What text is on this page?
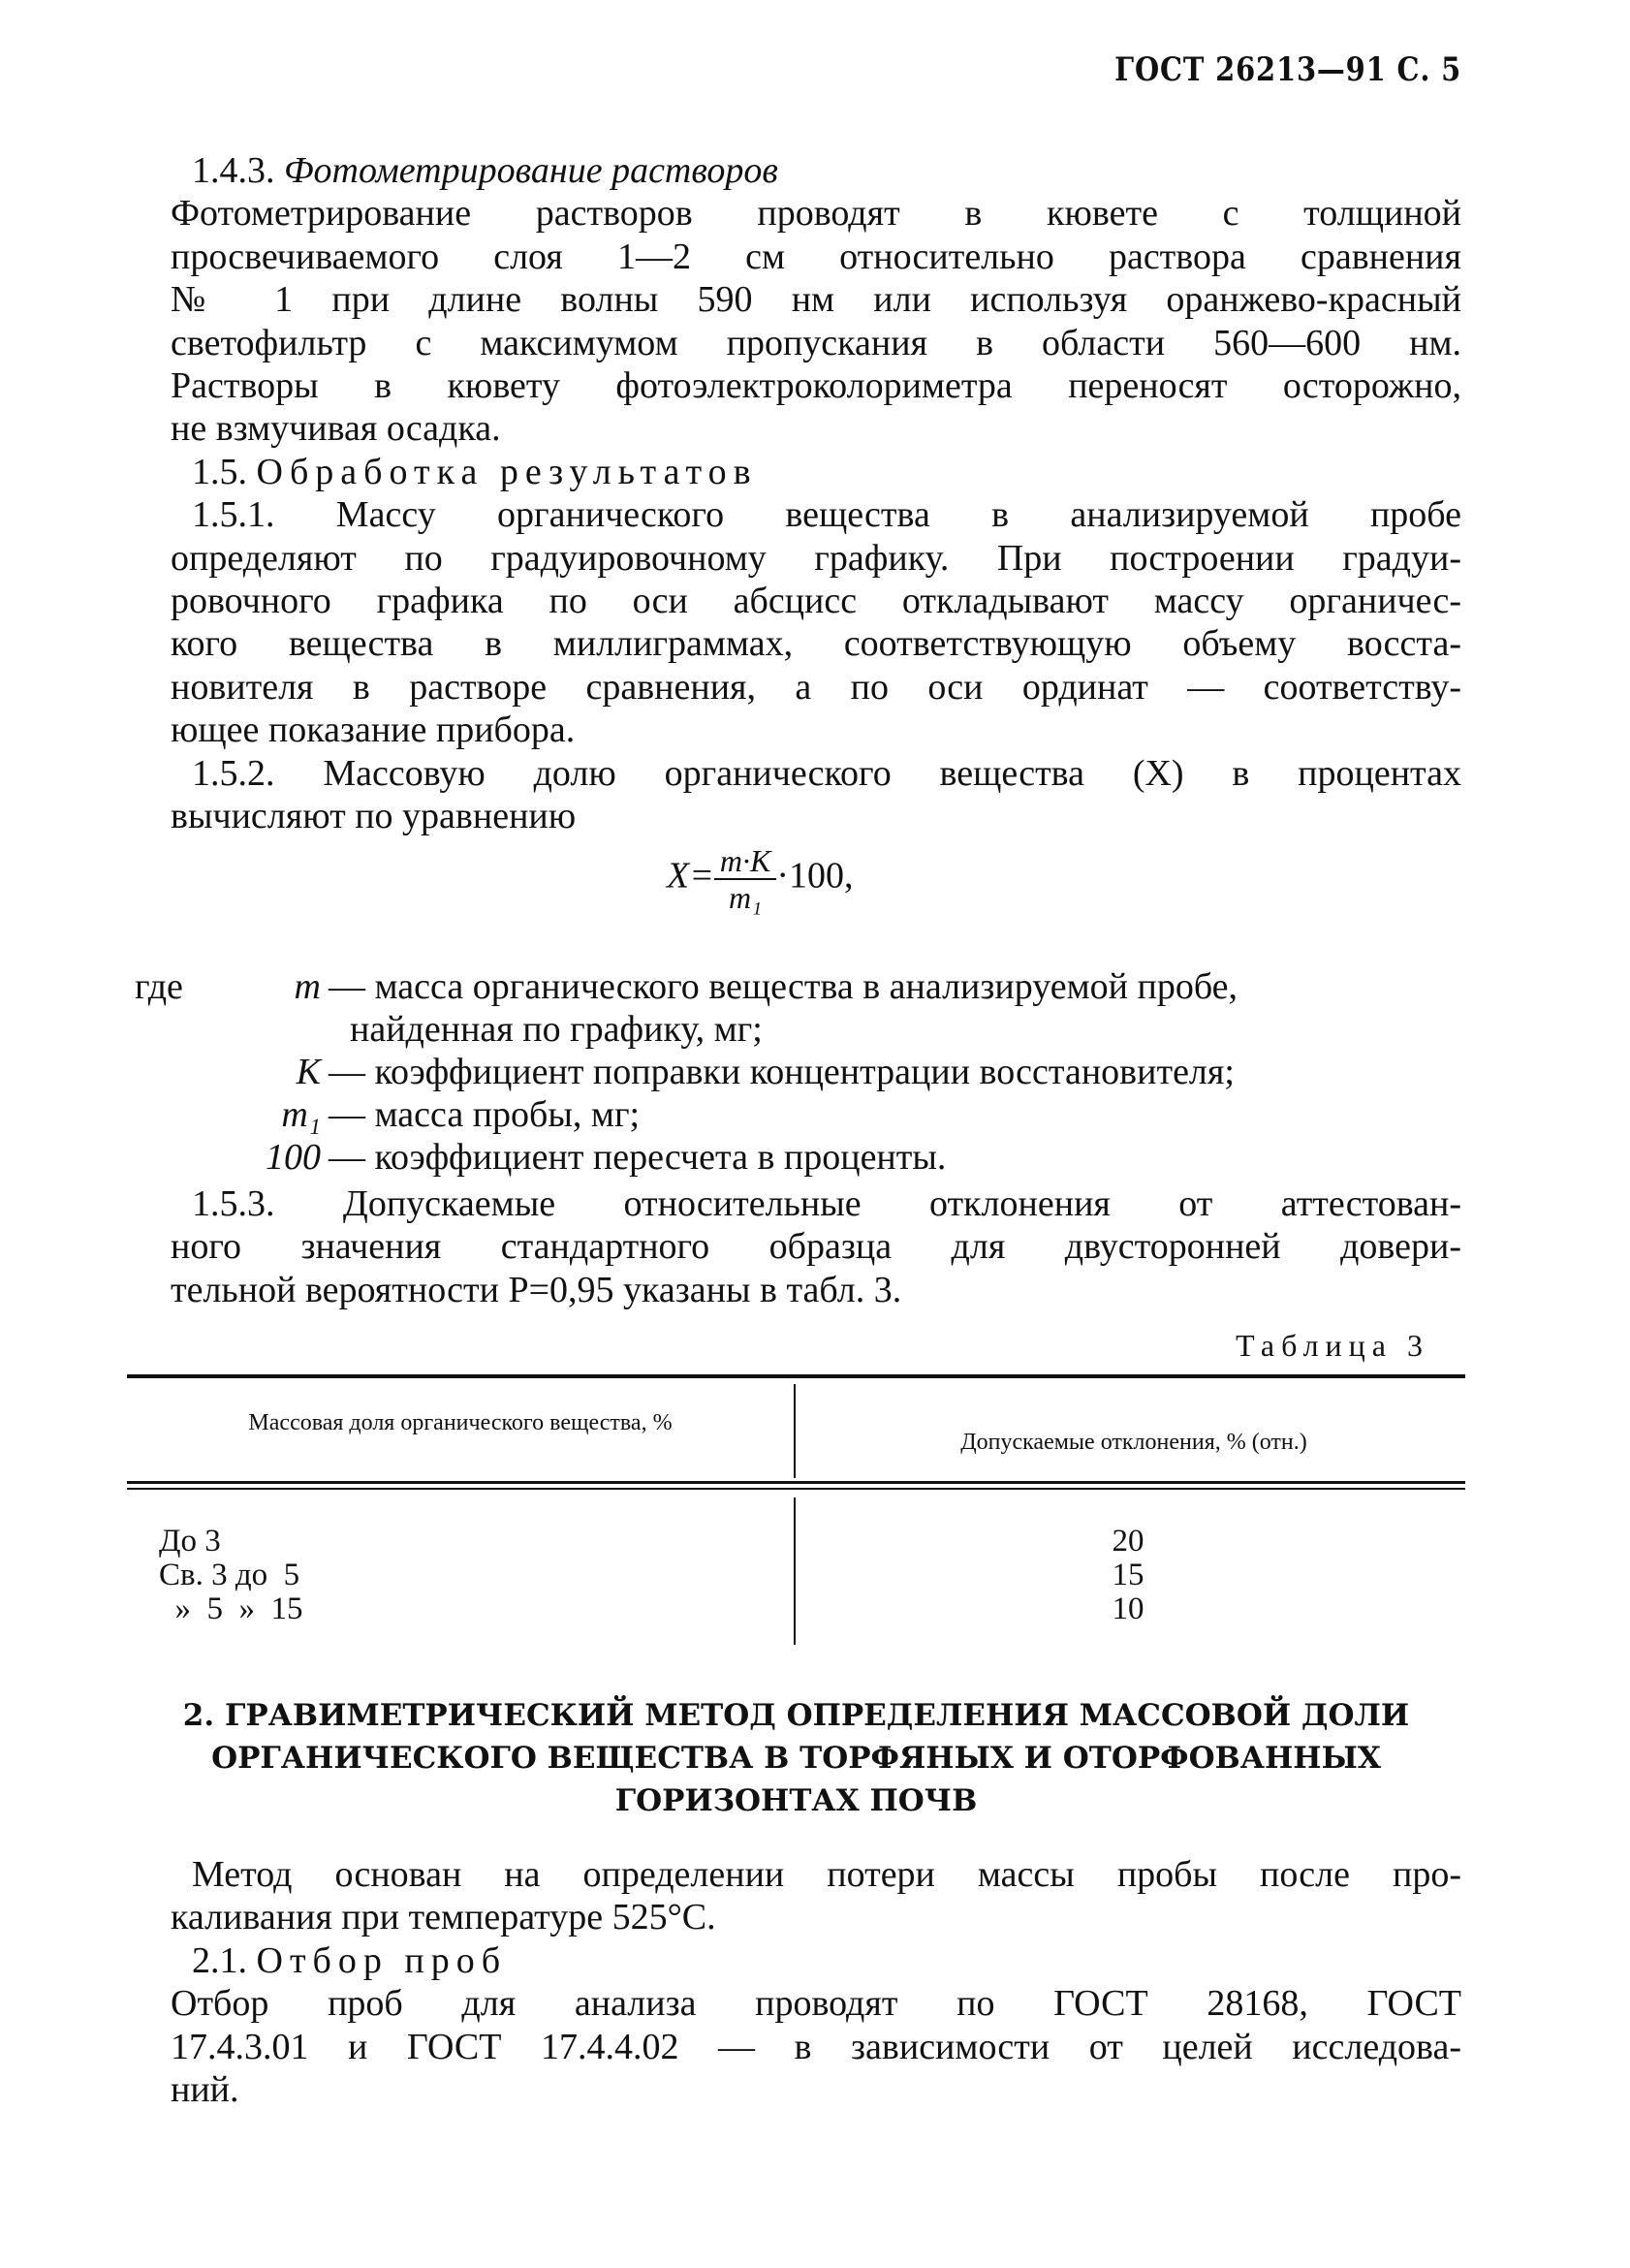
ГОСТ 26213—91 С. 5
1.4.3. Фотометрирование растворов
Фотометрирование растворов проводят в кювете с толщиной
просвечиваемого слоя 1—2 см относительно раствора сравнения
№ 1 при длине волны 590 нм или используя оранжево-красный
светофильтр с максимумом пропускания в области 560—600 нм.
Растворы в кювету фотоэлектроколориметра переносят осторожно,
не взмучивая осадка.
1.5. Обработка результатов
1.5.1. Массу органического вещества в анализируемой пробе
определяют по градуировочному графику. При построении градуи-
ровочного графика по оси абсцисс откладывают массу органичес-
кого вещества в миллиграммах, соответствующую объему восста-
новителя в растворе сравнения, а по оси ординат — соответству-
ющее показание прибора.
1.5.2. Массовую долю органического вещества (X) в процентах
вычисляют по уравнению
$X= \frac{m\cdot K}{\text{m₁}} \cdot 100$,
где	m — масса органического вещества в анализируемой пробе,
найденная по графику, мг;
K — коэффициент поправки концентрации восстановителя;
m₁ — масса пробы, мг;
100 — коэффициент пересчета в проценты.
1.5.3. Допускаемые относительные отклонения от аттестован-
ного значения стандартного образца для двусторонней довери-
тельной вероятности P=0,95 указаны в табл. 3.
Таблица 3
Массовая доля органического вещества, %
Допускаемые отклонения, % (отн.)
До 3	20
Св. 3 до  5	15
»  5  »  15	10
2. ГРАВИМЕТРИЧЕСКИЙ МЕТОД ОПРЕДЕЛЕНИЯ МАССОВОЙ ДОЛИ
ОРГАНИЧЕСКОГО ВЕЩЕСТВА В ТОРФЯНЫХ И ОТОРФОВАННЫХ
ГОРИЗОНТАХ ПОЧВ
Метод основан на определении потери массы пробы после про-
каливания при температуре 525°С.
2.1. Отбор проб
Отбор проб для анализа проводят по ГОСТ 28168, ГОСТ
17.4.3.01 и ГОСТ 17.4.4.02 — в зависимости от целей исследова-
ний.
